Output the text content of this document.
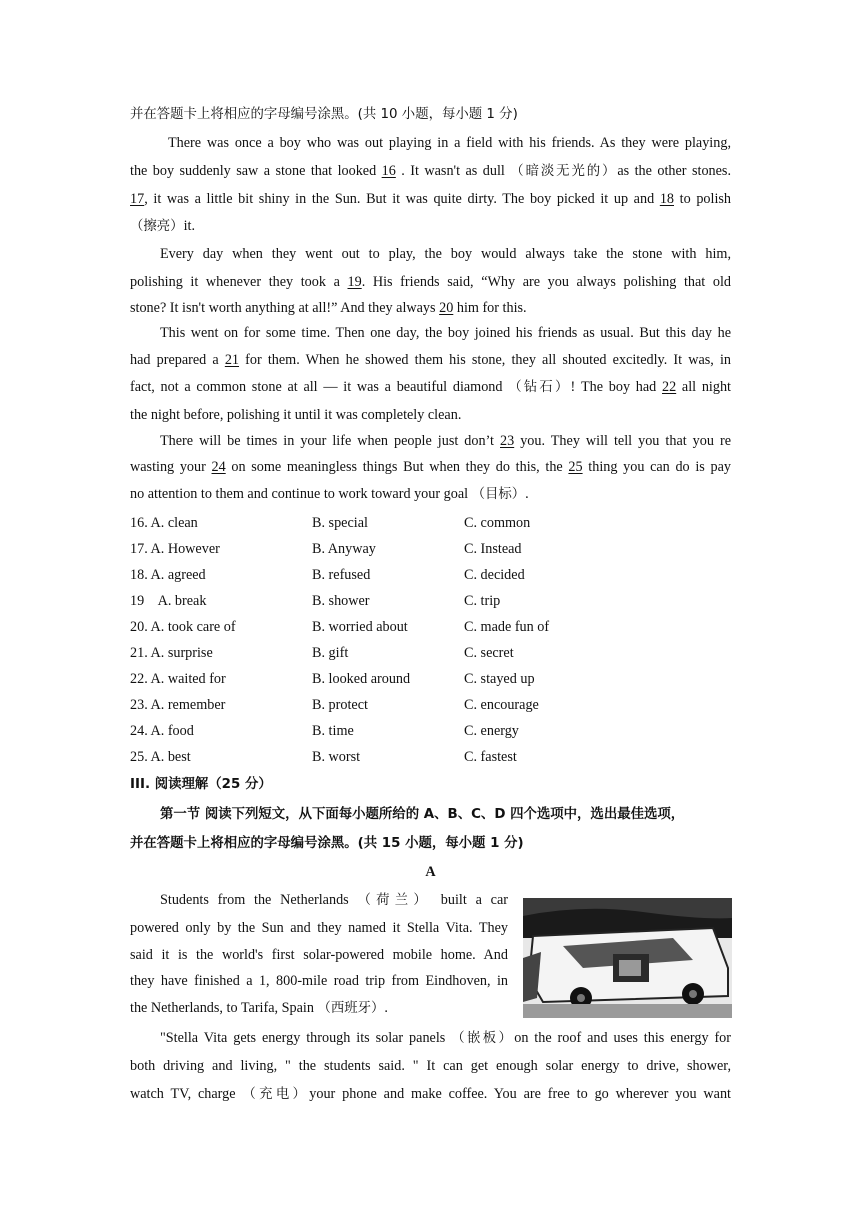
并在答题卡上将相应的字母编号涂黑。(共 10 小题，每小题 1 分)
There was once a boy who was out playing in a field with his friends. As they were playing,
the boy suddenly saw a stone that looked 16 . It wasn't as dull （暗淡无光的）as the other stones.
17, it was a little bit shiny in the Sun. But it was quite dirty. The boy picked it up and 18 to polish
（擦亮）it.
Every day when they went out to play, the boy would always take the stone with him,
polishing it whenever they took a 19. His friends said, “Why are you always polishing that old
stone? It isn't worth anything at all!” And they always 20 him for this.
This went on for some time. Then one day, the boy joined his friends as usual. But this day he
had prepared a 21 for them. When he showed them his stone, they all shouted excitedly. It was, in
fact, not a common stone at all — it was a beautiful diamond （钻石）! The boy had 22 all night
the night before, polishing it until it was completely clean.
There will be times in your life when people just don’t 23 you. They will tell you that you re
wasting your 24 on some meaningless things But when they do this, the 25 thing you can do is pay
no attention to them and continue to work toward your goal （目标）.
16. A. clean	B. special	C. common
17. A. However	B. Anyway	C. Instead
18. A. agreed	B. refused	C. decided
19    A. break	B. shower	C. trip
20. A. took care of	B. worried about	C. made fun of
21. A. surprise	B. gift	C. secret
22. A. waited for	B. looked around	C. stayed up
23. A. remember	B. protect	C. encourage
24. A. food	B. time	C. energy
25. A. best	B. worst	C. fastest
III. 阅读理解（25 分）
第一节 阅读下列短文，从下面每小题所给的 A、B、C、D 四个选项中，选出最佳选项，
并在答题卡上将相应的字母编号涂黑。(共 15 小题，每小题 1 分)
A
Students from the Netherlands （荷兰） built a car
powered only by the Sun and they named it Stella Vita. They
said it is the world's first solar-powered mobile home. And
they have finished a 1, 800-mile road trip from Eindhoven, in
the Netherlands, to Tarifa, Spain （西班牙）.
"Stella Vita gets energy through its solar panels （嵌板）on the roof and uses this energy for
both driving and living, " the students said. " It can get enough solar energy to drive, shower,
watch TV, charge （充电）your phone and make coffee. You are free to go wherever you want
